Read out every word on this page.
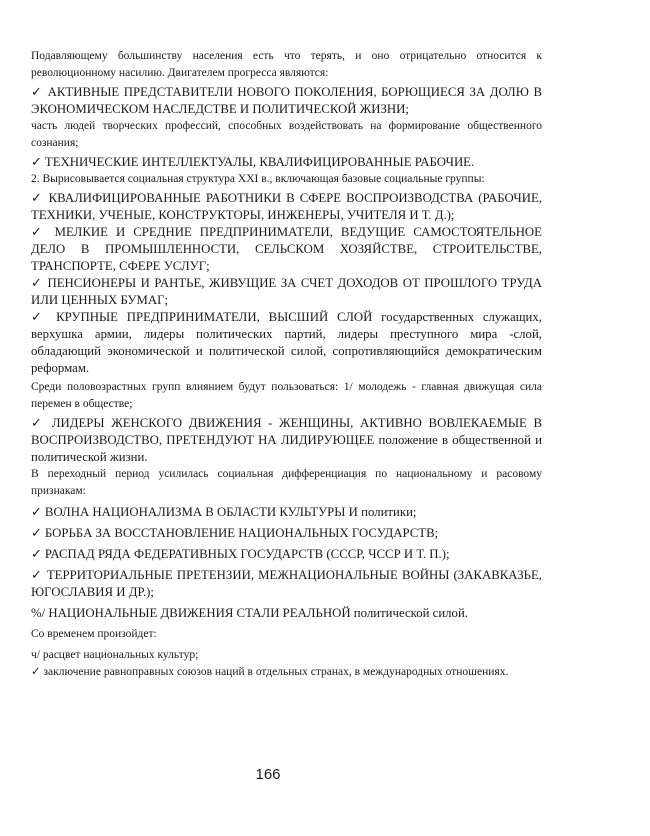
Подавляющему большинству населения есть что терять, и оно отрицательно относится к революционному насилию. Двигателем прогресса являются:

✓ АКТИВНЫЕ ПРЕДСТАВИТЕЛИ НОВОГО ПОКОЛЕНИЯ, БОРЮЩИЕСЯ ЗА ДОЛЮ В ЭКОНОМИЧЕСКОМ НАСЛЕДСТВЕ И ПОЛИТИЧЕСКОЙ ЖИЗНИ;

часть людей творческих профессий, способных воздействовать на формирование общественного сознания;

✓ ТЕХНИЧЕСКИЕ ИНТЕЛЛЕКТУАЛЫ, КВАЛИФИЦИРОВАННЫЕ РАБОЧИЕ.

2. Вырисовывается социальная структура XXI в., включающая базовые социальные группы:

✓ КВАЛИФИЦИРОВАННЫЕ РАБОТНИКИ В СФЕРЕ ВОСПРОИЗВОДСТВА (РАБОЧИЕ, ТЕХНИКИ, УЧЕНЫЕ, КОНСТРУКТОРЫ, ИНЖЕНЕРЫ, УЧИТЕЛЯ И Т. Д.);

✓ МЕЛКИЕ И СРЕДНИЕ ПРЕДПРИНИМАТЕЛИ, ВЕДУЩИЕ САМОСТОЯТЕЛЬНОЕ ДЕЛО В ПРОМЫШЛЕННОСТИ, СЕЛЬСКОМ ХОЗЯЙСТВЕ, СТРОИТЕЛЬСТВЕ, ТРАНСПОРТЕ, СФЕРЕ УСЛУГ;

✓ ПЕНСИОНЕРЫ И РАНТЬЕ, ЖИВУЩИЕ ЗА СЧЕТ ДОХОДОВ ОТ ПРОШЛОГО ТРУДА ИЛИ ЦЕННЫХ БУМАГ;

✓ КРУПНЫЕ ПРЕДПРИНИМАТЕЛИ, ВЫСШИЙ СЛОЙ государственных служащих, верхушка армии, лидеры политических партий, лидеры преступного мира -слой, обладающий экономической и политической силой, сопротивляющийся демократическим реформам.

Среди половозрастных групп влиянием будут пользоваться: 1/ молодежь - главная движущая сила перемен в обществе;

✓ ЛИДЕРЫ ЖЕНСКОГО ДВИЖЕНИЯ - ЖЕНЩИНЫ, АКТИВНО ВОВЛЕКАЕМЫЕ В ВОСПРОИЗВОДСТВО, ПРЕТЕНДУЮТ НА ЛИДИРУЮЩЕЕ положение в общественной и политической жизни.

В переходный период усилилась социальная дифференциация по национальному и расовому признакам:

✓ ВОЛНА НАЦИОНАЛИЗМА В ОБЛАСТИ КУЛЬТУРЫ И политики;

✓ БОРЬБА ЗА ВОССТАНОВЛЕНИЕ НАЦИОНАЛЬНЫХ ГОСУДАРСТВ;

✓ РАСПАД РЯДА ФЕДЕРАТИВНЫХ ГОСУДАРСТВ (СССР, ЧССР И Т. П.);

✓ ТЕРРИТОРИАЛЬНЫЕ ПРЕТЕНЗИИ, МЕЖНАЦИОНАЛЬНЫЕ ВОЙНЫ (ЗАКАВКАЗЬЕ, ЮГОСЛАВИЯ И ДР.);

%/ НАЦИОНАЛЬНЫЕ ДВИЖЕНИЯ СТАЛИ РЕАЛЬНОЙ политической силой.

Со временем произойдет:

ч/ расцвет национальных культур;

✓ заключение равноправных союзов наций в отдельных странах, в международных отношениях.

166
